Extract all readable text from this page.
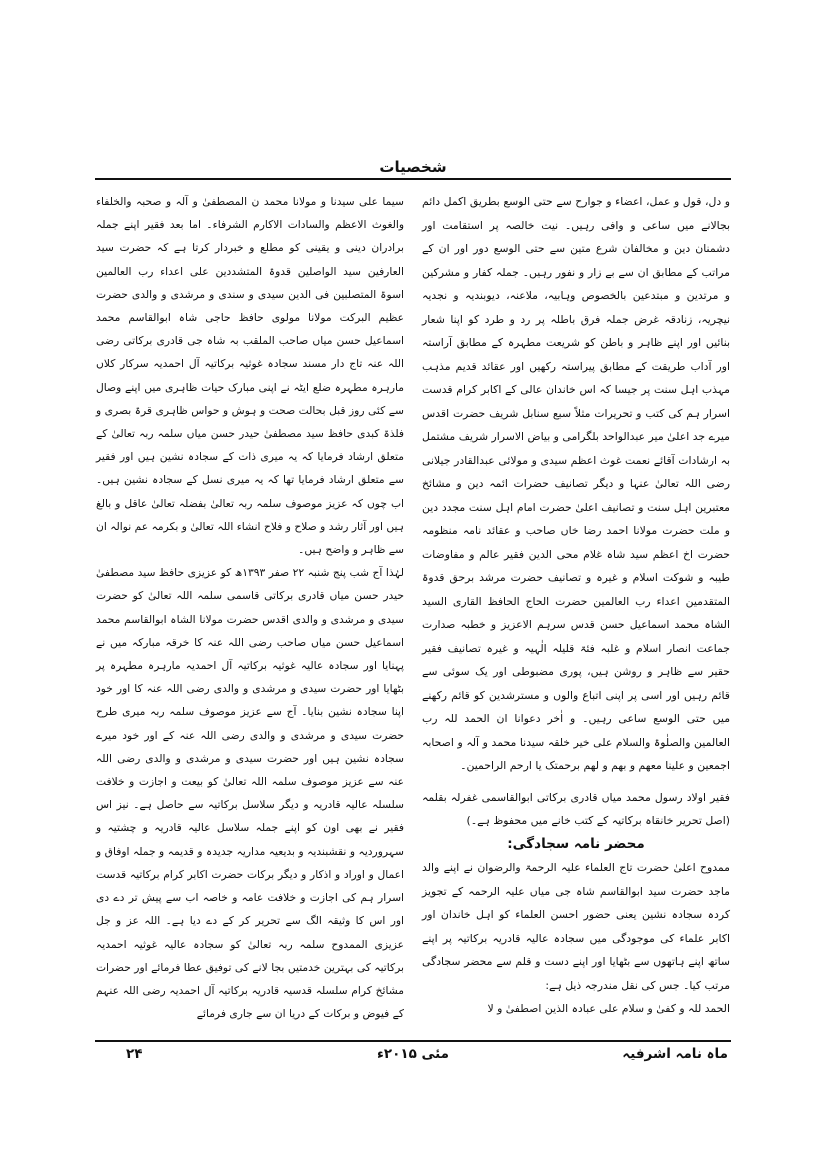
شخصیات

و دل، قول و عمل، اعضاء و جوارح سے حتی الوسع بطریق اکمل دائم بجالانے میں ساعی و وافی رہیں۔ نیت خالصہ پر استقامت اور دشمنان دین و مخالفان شرع متین سے حتی الوسع دور اور ان کے مراتب کے مطابق ان سے بے زار و نفور رہیں۔ جملہ کفار و مشرکین و مرتدین و مبتدعین بالخصوص وہابیہ، ملاعنہ، دیوبندیہ و نجدیہ نیچریہ، زنادقہ غرض جملہ فرق باطلہ پر رد و طرد کو اپنا شعار بنائیں اور اپنے ظاہر و باطن کو شریعت مطہرہ کے مطابق آراستہ اور آداب طریقت کے مطابق پیراستہ رکھیں اور عقائد قدیم مذہب مہذب اہل سنت پر جیسا کہ اس خاندان عالی کے اکابر کرام قدست اسرار ہم کی کتب و تحریرات مثلاً سبع سنابل شریف حضرت اقدس میرے جد اعلیٰ میر عبدالواحد بلگرامی و بیاض الاسرار شریف مشتمل بہ ارشادات آقائے نعمت غوث اعظم سیدی و مولائی عبدالقادر جیلانی رضی اللہ تعالیٰ عنہا و دیگر تصانیف حضرات ائمہ دین و مشائخ معتبرین اہل سنت و تصانیف اعلیٰ حضرت امام اہل سنت مجدد دین و ملت حضرت مولانا احمد رضا خاں صاحب و عقائد نامہ منظومہ حضرت اخ اعظم سید شاہ غلام محی الدین فقیر عالم و مفاوضات طیبہ و شوکت اسلام و غیرہ و تصانیف حضرت مرشد برحق قدوۃ المتقدمین اعداء رب العالمین حضرت الحاج الحافظ القاری السید الشاہ محمد اسماعیل حسن قدس سرہم الاعزیز و خطبہ صدارت جماعت انصار اسلام و غلبہ فئۃ قلیلہ الٰہیہ و غیرہ تصانیف فقیر حقیر سے ظاہر و روشن ہیں، پوری مضبوطی اور یک سوئی سے قائم رہیں اور اسی پر اپنی اتباع والوں و مسترشدین کو قائم رکھنے میں حتی الوسع ساعی رہیں۔ و اٰخر دعوانا ان الحمد للہ رب العالمین والصلٰوۃ والسلام علی خیر خلقہ سیدنا محمد و آلہ و اصحابہ اجمعین و علینا معھم و بھم و لھم برحمتک یا ارحم الراحمین۔

فقیر اولاد رسول محمد میاں قادری برکاتی ابوالقاسمی غفرلہ بقلمہ (اصل تحریر خانقاہ برکاتیہ کے کتب خانے میں محفوظ ہے۔)

محضر نامہ سجادگی:

ممدوح اعلیٰ حضرت تاج العلماء علیہ الرحمۃ والرضوان نے اپنے والد ماجد حضرت سید ابوالقاسم شاہ جی میاں علیہ الرحمہ کے تجویز کردہ سجادہ نشین یعنی حضور احسن العلماء کو اہل خاندان اور اکابر علماء کی موجودگی میں سجادہ عالیہ قادریہ برکاتیہ پر اپنے ساتھ اپنے ہاتھوں سے بٹھایا اور اپنے دست و قلم سے محضر سجادگی مرتب کیا۔ جس کی نقل مندرجہ ذیل ہے:

الحمد للہ و کفیٰ و سلام علی عبادہ الذین اصطفیٰ و لا

سیما علی سیدنا و مولانا محمد ن المصطفیٰ و آلہ و صحبہ والخلفاء والغوث الاعظم والسادات الاکارم الشرفاء۔ اما بعد فقیر اپنے جملہ برادران دینی و یقینی کو مطلع و خبردار کرتا ہے کہ حضرت سید العارفین سید الواصلین قدوۃ المتشددین علی اعداء رب العالمین اسوۃ المتصلبین فی الدین سیدی و سندی و مرشدی و والدی حضرت عظیم البرکت مولانا مولوی حافظ حاجی شاہ ابوالقاسم محمد اسماعیل حسن میاں صاحب الملقب بہ شاہ جی قادری برکاتی رضی اللہ عنہ تاج دار مسند سجادہ غوثیہ برکاتیہ آل احمدیہ سرکار کلاں مارہرہ مطہرہ ضلع ایٹہ نے اپنی مبارک حیات ظاہری میں اپنے وصال سے کئی روز قبل بحالت صحت و ہوش و حواس ظاہری قرۃ بصری و فلذۃ کبدی حافظ سید مصطفیٰ حیدر حسن میاں سلمہ ربہ تعالیٰ کے متعلق ارشاد فرمایا کہ یہ میری ذات کے سجادہ نشین ہیں اور فقیر سے متعلق ارشاد فرمایا تھا کہ یہ میری نسل کے سجادہ نشین ہیں۔ اب چوں کہ عزیز موصوف سلمہ ربہ تعالیٰ بفضلہ تعالیٰ عاقل و بالغ ہیں اور آثار رشد و صلاح و فلاح انشاء اللہ تعالیٰ و بکرمہ عم نوالہ ان سے ظاہر و واضح ہیں۔

لہٰذا آج شب پنج شنبہ ۲۲ صفر ۱۳۹۳ھ کو عزیزی حافظ سید مصطفیٰ حیدر حسن میاں قادری برکاتی قاسمی سلمہ اللہ تعالیٰ کو حضرت سیدی و مرشدی و والدی اقدس حضرت مولانا الشاہ ابوالقاسم محمد اسماعیل حسن میاں صاحب رضی اللہ عنہ کا خرقہ مبارکہ میں نے پہنایا اور سجادہ عالیہ غوثیہ برکاتیہ آل احمدیہ مارہرہ مطہرہ پر بٹھایا اور حضرت سیدی و مرشدی و والدی رضی اللہ عنہ کا اور خود اپنا سجادہ نشین بنایا۔ آج سے عزیز موصوف سلمہ ربہ میری طرح حضرت سیدی و مرشدی و والدی رضی اللہ عنہ کے اور خود میرے سجادہ نشین ہیں اور حضرت سیدی و مرشدی و والدی رضی اللہ عنہ سے عزیز موصوف سلمہ اللہ تعالیٰ کو بیعت و اجازت و خلافت سلسلہ عالیہ قادریہ و دیگر سلاسل برکاتیہ سے حاصل ہے۔ نیز اس فقیر نے بھی اون کو اپنے جملہ سلاسل عالیہ قادریہ و چشتیہ و سہروردیہ و نقشبندیہ و بدیعیہ مداریہ جدیدہ و قدیمہ و جملہ اوفاق و اعمال و اوراد و اذکار و دیگر برکات حضرت اکابر کرام برکاتیہ قدست اسرار ہم کی اجازت و خلافت عامہ و خاصہ اب سے پیش تر دے دی اور اس کا وثیقہ الگ سے تحریر کر کے دے دیا ہے۔ اللہ عز و جل عزیزی الممدوح سلمہ ربہ تعالیٰ کو سجادہ عالیہ غوثیہ احمدیہ برکاتیہ کی بہترین خدمتیں بجا لانے کی توفیق عطا فرمائے اور حضرات مشائخ کرام سلسلہ قدسیہ قادریہ برکاتیہ آل احمدیہ رضی اللہ عنہم کے فیوض و برکات کے دریا ان سے جاری فرمائے

ماہ نامہ اشرفیہ
مئی ۲۰۱۵ء
۲۴
